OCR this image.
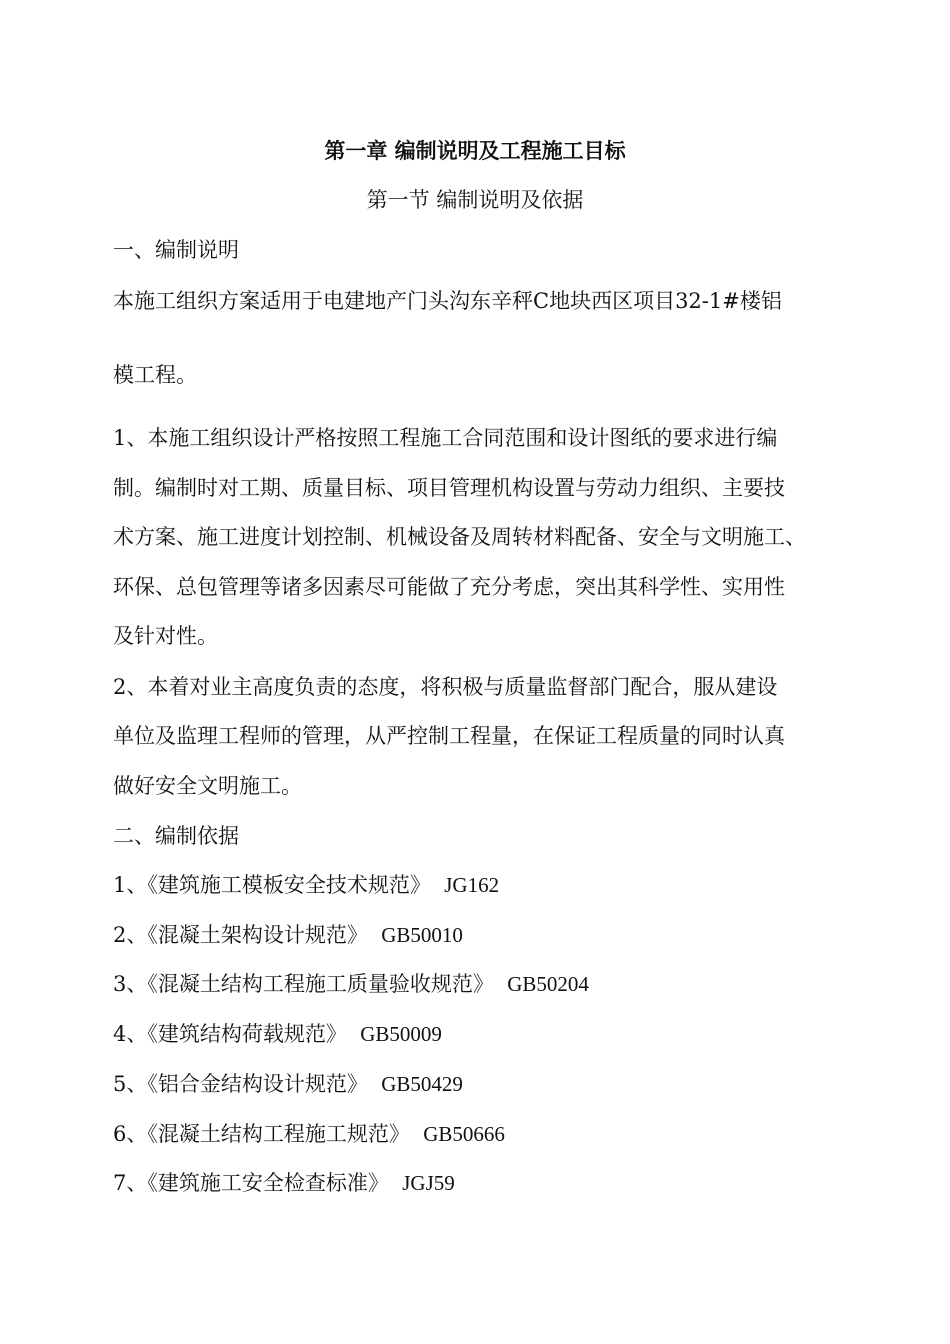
第一章 编制说明及工程施工目标
第一节 编制说明及依据
一、编制说明
本施工组织方案适用于电建地产门头沟东辛秤C地块西区项目32-1#楼铝
模工程。
1、本施工组织设计严格按照工程施工合同范围和设计图纸的要求进行编
制。编制时对工期、质量目标、项目管理机构设置与劳动力组织、主要技
术方案、施工进度计划控制、机械设备及周转材料配备、安全与文明施工、
环保、总包管理等诸多因素尽可能做了充分考虑，突出其科学性、实用性
及针对性。
2、本着对业主高度负责的态度，将积极与质量监督部门配合，服从建设
单位及监理工程师的管理，从严控制工程量，在保证工程质量的同时认真
做好安全文明施工。
二、编制依据
1、《建筑施工模板安全技术规范》 JG162
2、《混凝土架构设计规范》 GB50010
3、《混凝土结构工程施工质量验收规范》 GB50204
4、《建筑结构荷载规范》 GB50009
5、《铝合金结构设计规范》 GB50429
6、《混凝土结构工程施工规范》 GB50666
7、《建筑施工安全检查标准》 JGJ59
